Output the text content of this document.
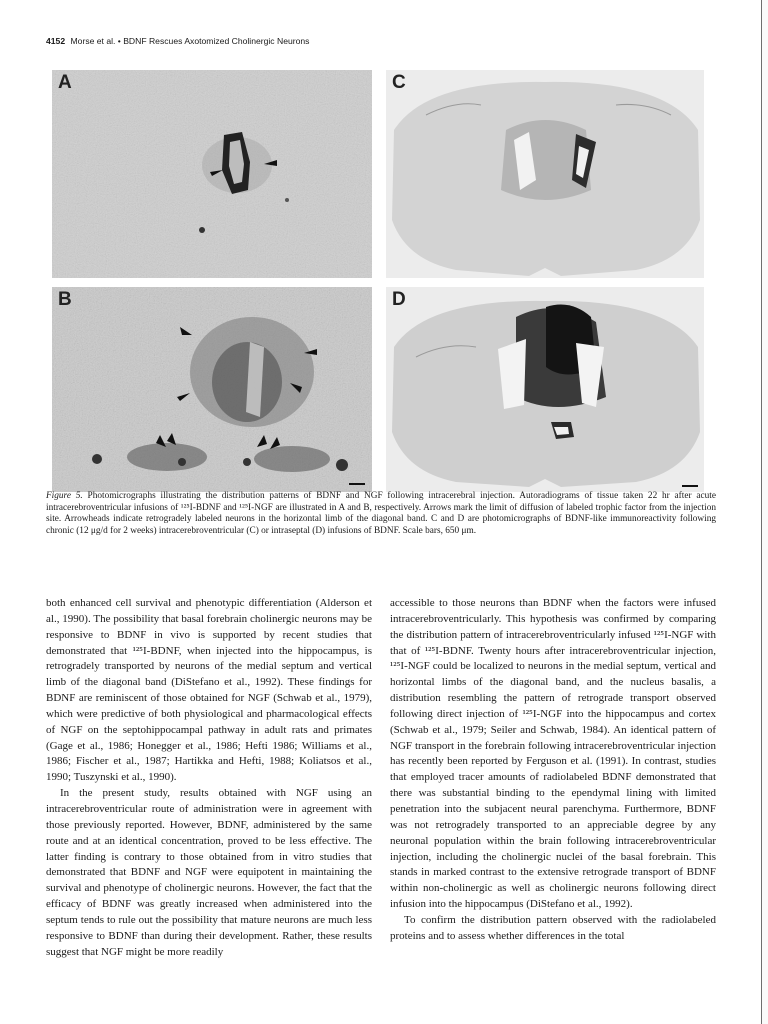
4152 Morse et al. • BDNF Rescues Axotomized Cholinergic Neurons
A
B
C
D
Figure 5. Photomicrographs illustrating the distribution patterns of BDNF and NGF following intracerebral injection. Autoradiograms of tissue taken 22 hr after acute intracerebroventricular infusions of ¹²⁵I-BDNF and ¹²⁵I-NGF are illustrated in A and B, respectively. Arrows mark the limit of diffusion of labeled trophic factor from the injection site. Arrowheads indicate retrogradely labeled neurons in the horizontal limb of the diagonal band. C and D are photomicrographs of BDNF-like immunoreactivity following chronic (12 μg/d for 2 weeks) intracerebroventricular (C) or intraseptal (D) infusions of BDNF. Scale bars, 650 μm.

both enhanced cell survival and phenotypic differentiation (Alderson et al., 1990). The possibility that basal forebrain cholinergic neurons may be responsive to BDNF in vivo is supported by recent studies that demonstrated that ¹²⁵I-BDNF, when injected into the hippocampus, is retrogradely transported by neurons of the medial septum and vertical limb of the diagonal band (DiStefano et al., 1992). These findings for BDNF are reminiscent of those obtained for NGF (Schwab et al., 1979), which were predictive of both physiological and pharmacological effects of NGF on the septohippocampal pathway in adult rats and primates (Gage et al., 1986; Honegger et al., 1986; Hefti 1986; Williams et al., 1986; Fischer et al., 1987; Hartikka and Hefti, 1988; Koliatsos et al., 1990; Tuszynski et al., 1990).

In the present study, results obtained with NGF using an intracerebroventricular route of administration were in agreement with those previously reported. However, BDNF, administered by the same route and at an identical concentration, proved to be less effective. The latter finding is contrary to those obtained from in vitro studies that demonstrated that BDNF and NGF were equipotent in maintaining the survival and phenotype of cholinergic neurons. However, the fact that the efficacy of BDNF was greatly increased when administered into the septum tends to rule out the possibility that mature neurons are much less responsive to BDNF than during their development. Rather, these results suggest that NGF might be more readily

accessible to those neurons than BDNF when the factors were infused intracerebroventricularly. This hypothesis was confirmed by comparing the distribution pattern of intracerebroventricularly infused ¹²⁵I-NGF with that of ¹²⁵I-BDNF. Twenty hours after intracerebroventricular injection, ¹²⁵I-NGF could be localized to neurons in the medial septum, vertical and horizontal limbs of the diagonal band, and the nucleus basalis, a distribution resembling the pattern of retrograde transport observed following direct injection of ¹²⁵I-NGF into the hippocampus and cortex (Schwab et al., 1979; Seiler and Schwab, 1984). An identical pattern of NGF transport in the forebrain following intracerebroventricular injection has recently been reported by Ferguson et al. (1991). In contrast, studies that employed tracer amounts of radiolabeled BDNF demonstrated that there was substantial binding to the ependymal lining with limited penetration into the subjacent neural parenchyma. Furthermore, BDNF was not retrogradely transported to an appreciable degree by any neuronal population within the brain following intracerebroventricular injection, including the cholinergic nuclei of the basal forebrain. This stands in marked contrast to the extensive retrograde transport of BDNF within non-cholinergic as well as cholinergic neurons following direct infusion into the hippocampus (DiStefano et al., 1992).

To confirm the distribution pattern observed with the radiolabeled proteins and to assess whether differences in the total
